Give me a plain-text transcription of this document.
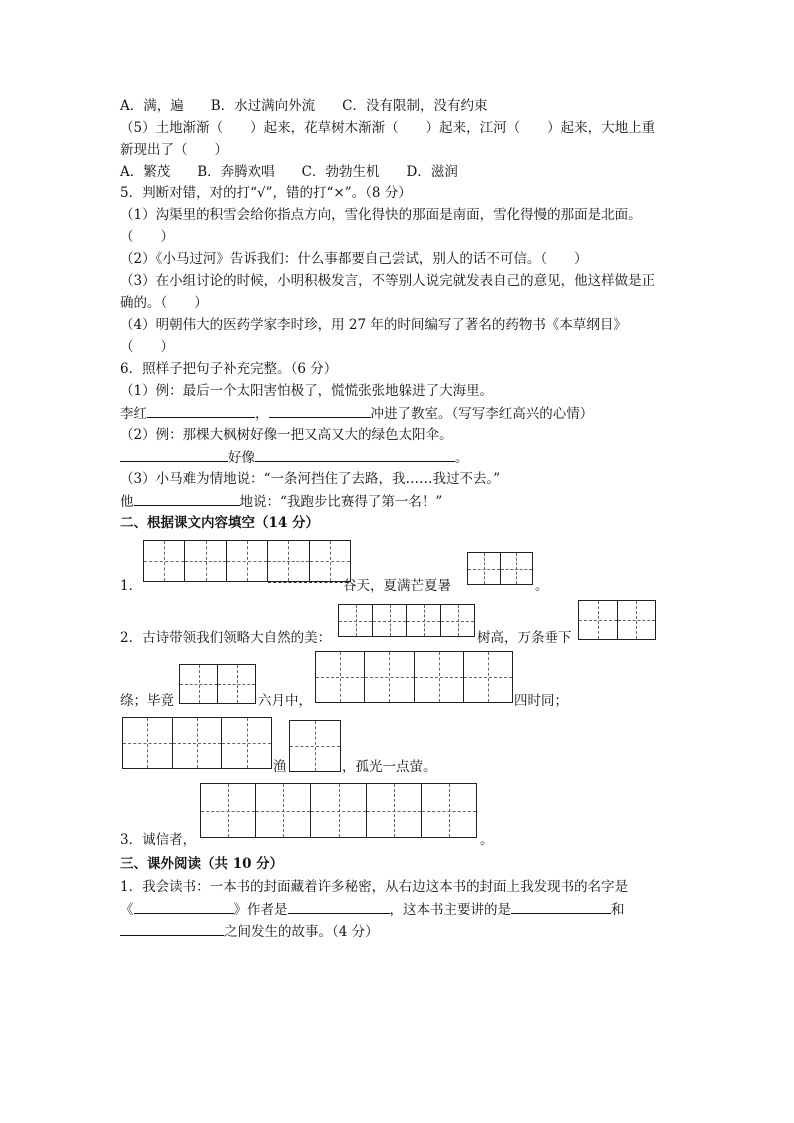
A．满，遍　　B．水过满向外流　　C．没有限制，没有约束
（5）土地渐渐（　　）起来，花草树木渐渐（　　）起来，江河（　　）起来，大地上重
新现出了（　　）
A．繁茂　　B．奔腾欢唱　　C．勃勃生机　　D．滋润
5．判断对错，对的打“√”，错的打“×”。（8 分）
（1）沟渠里的积雪会给你指点方向，雪化得快的那面是南面，雪化得慢的那面是北面。
（　　）
（2）《小马过河》告诉我们：什么事都要自己尝试，别人的话不可信。（　　）
（3）在小组讨论的时候，小明积极发言，不等别人说完就发表自己的意见，他这样做是正
确的。（　　）
（4）明朝伟大的医药学家李时珍，用 27 年的时间编写了著名的药物书《本草纲目》
（　　）
6．照样子把句子补充完整。（6 分）
（1）例：最后一个太阳害怕极了，慌慌张张地躲进了大海里。
李红	，	冲进了教室。（写写李红高兴的心情）
（2）例：那棵大枫树好像一把又高又大的绿色太阳伞。
好像	。
（3）小马难为情地说：“一条河挡住了去路，我……我过不去。”
他	地说：“我跑步比赛得了第一名！”
二、根据课文内容填空（14 分）
1．	谷天，夏满芒夏暑	。
2．古诗带领我们领略大自然的美：	树高，万条垂下
绦；毕竟	六月中，	四时同；
渔	，孤光一点萤。
3．诚信者，	。
三、课外阅读（共 10 分）
1．我会读书：一本书的封面藏着许多秘密，从右边这本书的封面上我发现书的名字是
《	》作者是	，这本书主要讲的是	和
之间发生的故事。（4 分）
